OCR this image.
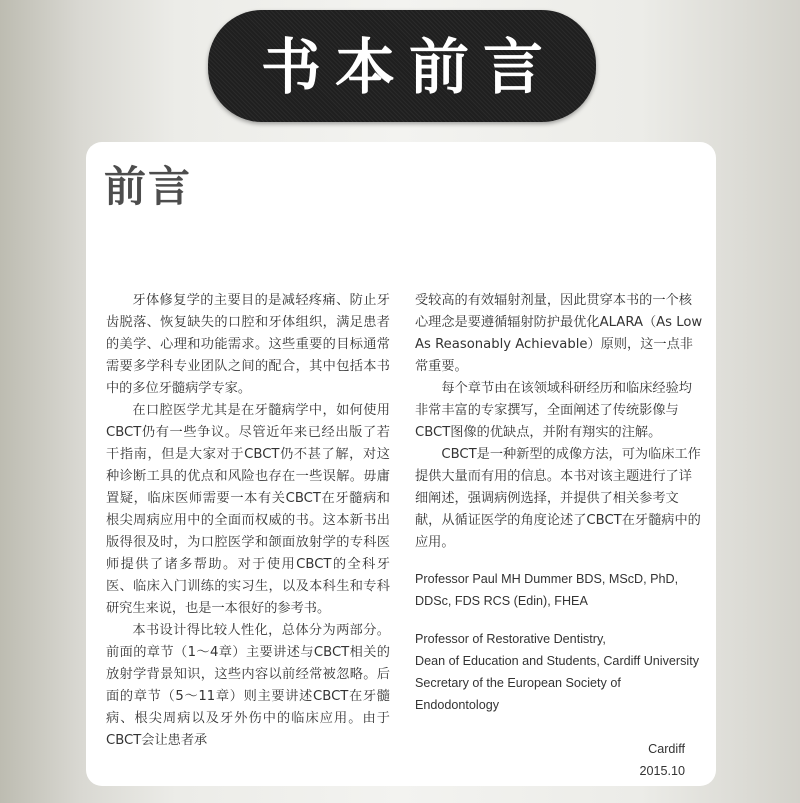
书本前言
前言

牙体修复学的主要目的是减轻疼痛、防止牙齿脱落、恢复缺失的口腔和牙体组织，满足患者的美学、心理和功能需求。这些重要的目标通常需要多学科专业团队之间的配合，其中包括本书中的多位牙髓病学专家。

在口腔医学尤其是在牙髓病学中，如何使用CBCT仍有一些争议。尽管近年来已经出版了若干指南，但是大家对于CBCT仍不甚了解，对这种诊断工具的优点和风险也存在一些误解。毋庸置疑，临床医师需要一本有关CBCT在牙髓病和根尖周病应用中的全面而权威的书。这本新书出版得很及时，为口腔医学和颌面放射学的专科医师提供了诸多帮助。对于使用CBCT的全科牙医、临床入门训练的实习生，以及本科生和专科研究生来说，也是一本很好的参考书。

本书设计得比较人性化，总体分为两部分。前面的章节（1～4章）主要讲述与CBCT相关的放射学背景知识，这些内容以前经常被忽略。后面的章节（5～11章）则主要讲述CBCT在牙髓病、根尖周病以及牙外伤中的临床应用。由于CBCT会让患者承

受较高的有效辐射剂量，因此贯穿本书的一个核心理念是要遵循辐射防护最优化ALARA（As Low As Reasonably Achievable）原则，这一点非常重要。

每个章节由在该领域科研经历和临床经验均非常丰富的专家撰写，全面阐述了传统影像与CBCT图像的优缺点，并附有翔实的注解。

CBCT是一种新型的成像方法，可为临床工作提供大量而有用的信息。本书对该主题进行了详细阐述，强调病例选择，并提供了相关参考文献，从循证医学的角度论述了CBCT在牙髓病中的应用。

Professor Paul MH Dummer BDS, MScD, PhD, DDSc, FDS RCS (Edin), FHEA

Professor of Restorative Dentistry,

Dean of Education and Students, Cardiff University

Secretary of the European Society of Endodontology

Cardiff

2015.10
